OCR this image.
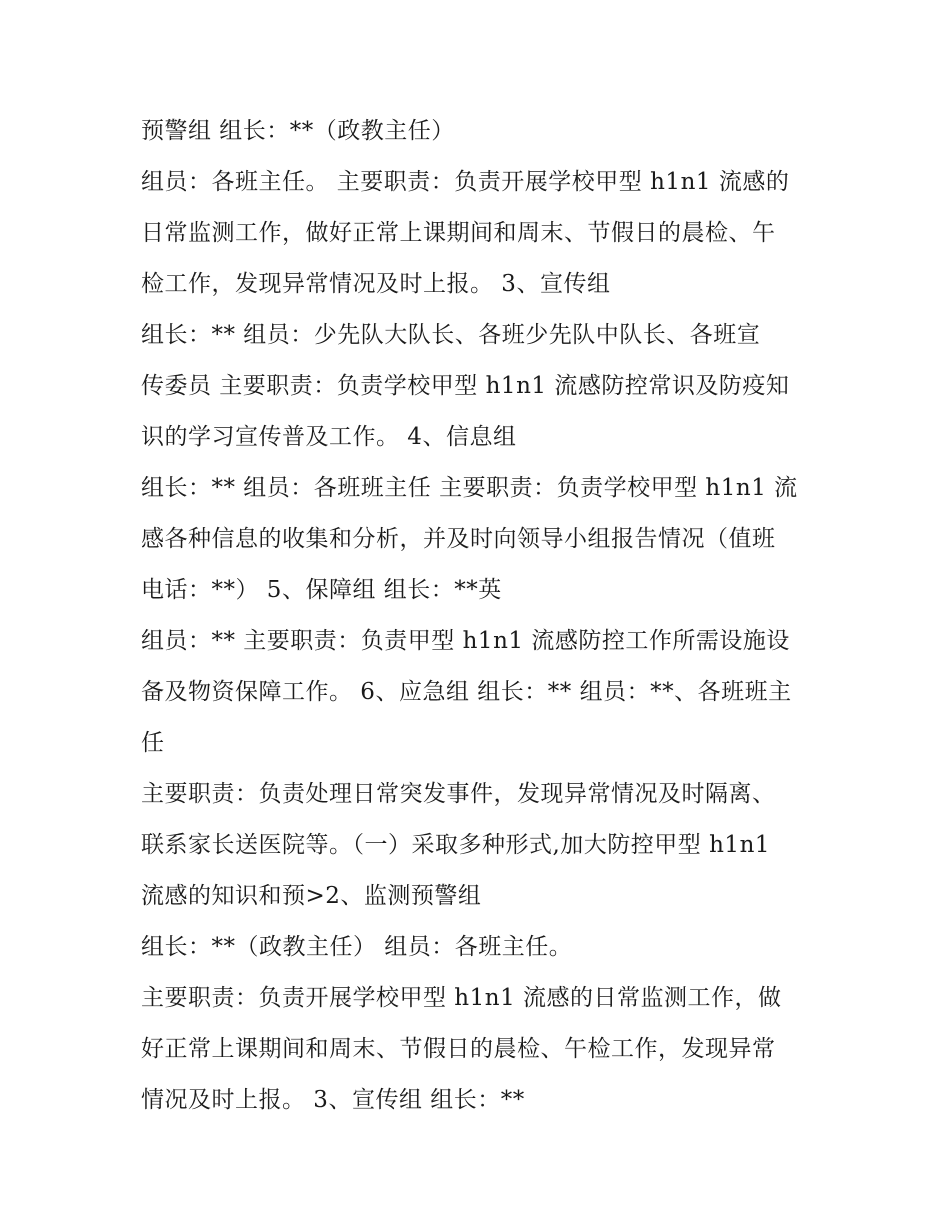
预警组 组长：**（政教主任）
组员：各班主任。 主要职责：负责开展学校甲型 h1n1 流感的
日常监测工作，做好正常上课期间和周末、节假日的晨检、午
检工作，发现异常情况及时上报。 3、宣传组
组长：** 组员：少先队大队长、各班少先队中队长、各班宣
传委员 主要职责：负责学校甲型 h1n1 流感防控常识及防疫知
识的学习宣传普及工作。 4、信息组
组长：** 组员：各班班主任 主要职责：负责学校甲型 h1n1 流
感各种信息的收集和分析，并及时向领导小组报告情况（值班
电话：**） 5、保障组 组长：**英
组员：** 主要职责：负责甲型 h1n1 流感防控工作所需设施设
备及物资保障工作。 6、应急组 组长：** 组员：**、各班班主
任
主要职责：负责处理日常突发事件，发现异常情况及时隔离、
联系家长送医院等。（一）采取多种形式,加大防控甲型 h1n1
流感的知识和预>2、监测预警组
组长：**（政教主任） 组员：各班主任。
主要职责：负责开展学校甲型 h1n1 流感的日常监测工作，做
好正常上课期间和周末、节假日的晨检、午检工作，发现异常
情况及时上报。 3、宣传组 组长：**
